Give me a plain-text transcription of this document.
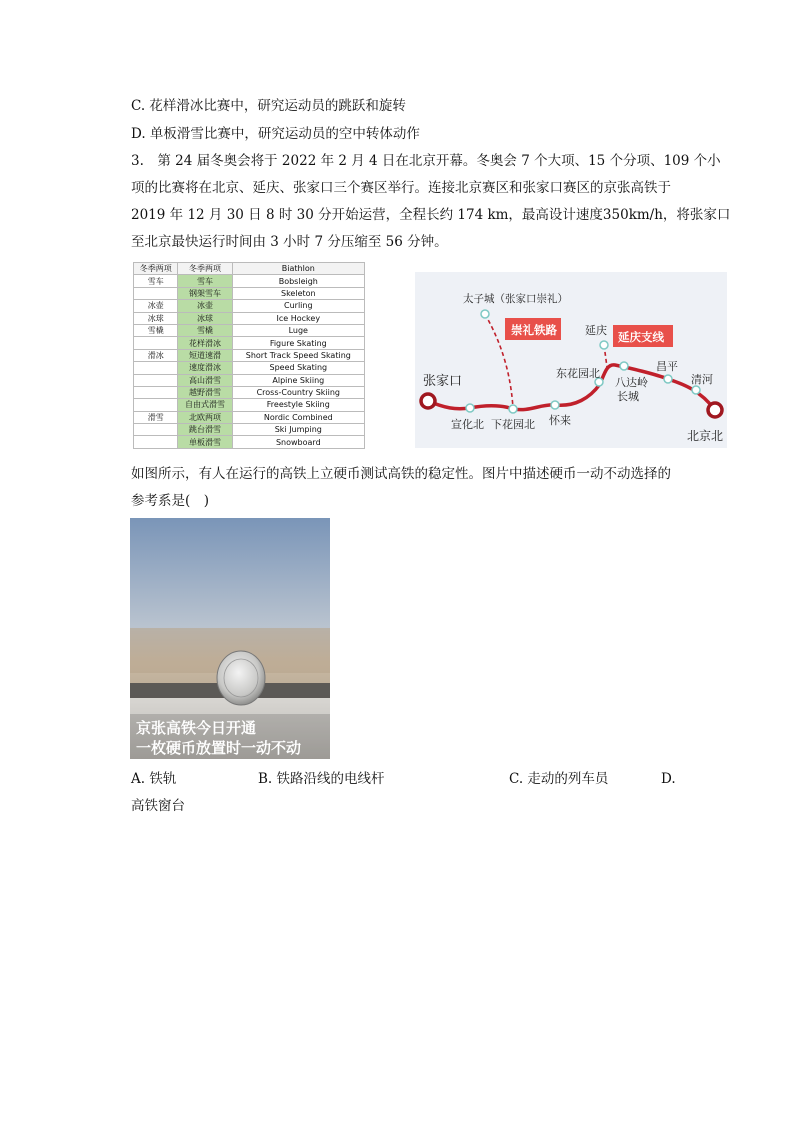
C. 花样滑冰比赛中，研究运动员的跳跃和旋转
D. 单板滑雪比赛中，研究运动员的空中转体动作
3.　第 24 届冬奥会将于 2022 年 2 月 4 日在北京开幕。冬奥会 7 个大项、15 个分项、109 个小
项的比赛将在北京、延庆、张家口三个赛区举行。连接北京赛区和张家口赛区的京张高铁于
2019 年 12 月 30 日 8 时 30 分开始运营，全程长约 174 km，最高设计速度350km/h，将张家口
至北京最快运行时间由 3 小时 7 分压缩至 56 分钟。
冬季两项	冬季两项	Biathlon
雪车	雪车	Bobsleigh
	钢架雪车	Skeleton
冰壶	冰壶	Curling
冰球	冰球	Ice Hockey
雪橇	雪橇	Luge
	花样滑冰	Figure Skating
滑冰	短道速滑	Short Track Speed Skating
	速度滑冰	Speed Skating
	高山滑雪	Alpine Skiing
	越野滑雪	Cross-Country Skiing
	自由式滑雪	Freestyle Skiing
滑雪	北欧两项	Nordic Combined
	跳台滑雪	Ski Jumping
	单板滑雪	Snowboard
张家口
太子城（张家口崇礼）
崇礼铁路	延庆 延庆支线
东花园北
昌平
清河
八达岭
长城
宣化北 下花园北 怀来
北京北
如图所示，有人在运行的高铁上立硬币测试高铁的稳定性。图片中描述硬币一动不动选择的
参考系是(　)
京张高铁今日开通
一枚硬币放置时一动不动
A. 铁轨	B. 铁路沿线的电线杆	C. 走动的列车员	D.
高铁窗台
